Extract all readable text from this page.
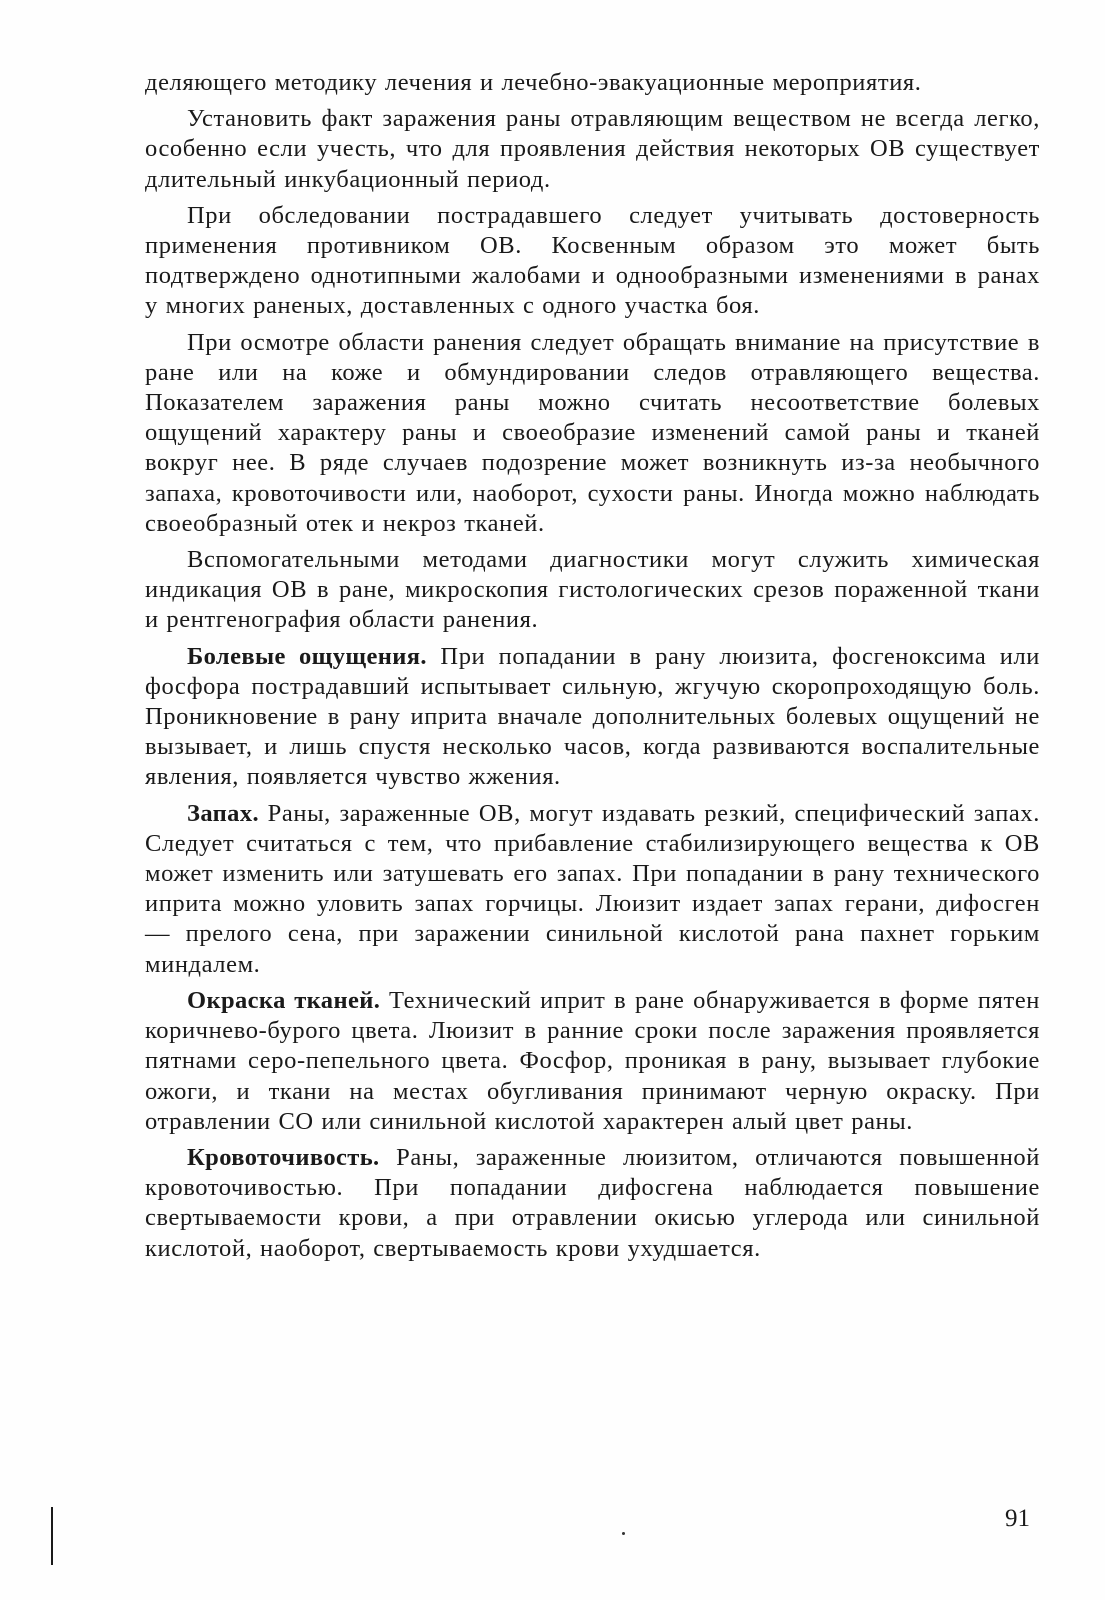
деляющего методику лечения и лечебно-эвакуационные мероприятия.

Установить факт заражения раны отравляющим веществом не всегда легко, особенно если учесть, что для проявления действия некоторых ОВ существует длительный инкубационный период.

При обследовании пострадавшего следует учитывать достоверность применения противником ОВ. Косвенным образом это может быть подтверждено однотипными жалобами и однообразными изменениями в ранах у многих раненых, доставленных с одного участка боя.

При осмотре области ранения следует обращать внимание на присутствие в ране или на коже и обмундировании следов отравляющего вещества. Показателем заражения раны можно считать несоответствие болевых ощущений характеру раны и своеобразие изменений самой раны и тканей вокруг нее. В ряде случаев подозрение может возникнуть из-за необычного запаха, кровоточивости или, наоборот, сухости раны. Иногда можно наблюдать своеобразный отек и некроз тканей.

Вспомогательными методами диагностики могут служить химическая индикация ОВ в ране, микроскопия гистологических срезов пораженной ткани и рентгенография области ранения.

Болевые ощущения. При попадании в рану люизита, фосгеноксима или фосфора пострадавший испытывает сильную, жгучую скоропроходящую боль. Проникновение в рану иприта вначале дополнительных болевых ощущений не вызывает, и лишь спустя несколько часов, когда развиваются воспалительные явления, появляется чувство жжения.

Запах. Раны, зараженные ОВ, могут издавать резкий, специфический запах. Следует считаться с тем, что прибавление стабилизирующего вещества к ОВ может изменить или затушевать его запах. При попадании в рану технического иприта можно уловить запах горчицы. Люизит издает запах герани, дифосген — прелого сена, при заражении синильной кислотой рана пахнет горьким миндалем.

Окраска тканей. Технический иприт в ране обнаруживается в форме пятен коричнево-бурого цвета. Люизит в ранние сроки после заражения проявляется пятнами серо-пепельного цвета. Фосфор, проникая в рану, вызывает глубокие ожоги, и ткани на местах обугливания принимают черную окраску. При отравлении СО или синильной кислотой характерен алый цвет раны.

Кровоточивость. Раны, зараженные люизитом, отличаются повышенной кровоточивостью. При попадании дифосгена наблюдается повышение свертываемости крови, а при отравлении окисью углерода или синильной кислотой, наоборот, свертываемость крови ухудшается.

91
